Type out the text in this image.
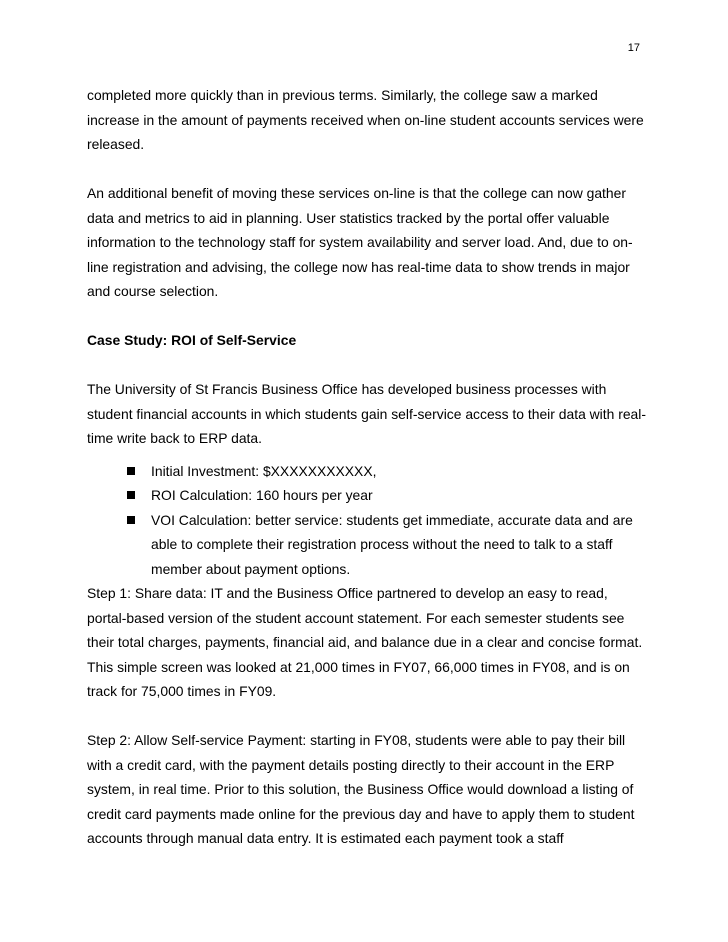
17

completed more quickly than in previous terms. Similarly, the college saw a marked increase in the amount of payments received when on-line student accounts services were released.

An additional benefit of moving these services on-line is that the college can now gather data and metrics to aid in planning. User statistics tracked by the portal offer valuable information to the technology staff for system availability and server load. And, due to on-line registration and advising, the college now has real-time data to show trends in major and course selection.

Case Study: ROI of Self-Service

The University of St Francis Business Office has developed business processes with student financial accounts in which students gain self-service access to their data with real-time write back to ERP data.

Initial Investment: $XXXXXXXXXXX,
ROI Calculation: 160 hours per year
VOI Calculation: better service: students get immediate, accurate data and are able to complete their registration process without the need to talk to a staff member about payment options.

Step 1: Share data: IT and the Business Office partnered to develop an easy to read, portal-based version of the student account statement. For each semester students see their total charges, payments, financial aid, and balance due in a clear and concise format. This simple screen was looked at 21,000 times in FY07, 66,000 times in FY08, and is on track for 75,000 times in FY09.

Step 2: Allow Self-service Payment: starting in FY08, students were able to pay their bill with a credit card, with the payment details posting directly to their account in the ERP system, in real time. Prior to this solution, the Business Office would download a listing of credit card payments made online for the previous day and have to apply them to student accounts through manual data entry. It is estimated each payment took a staff
